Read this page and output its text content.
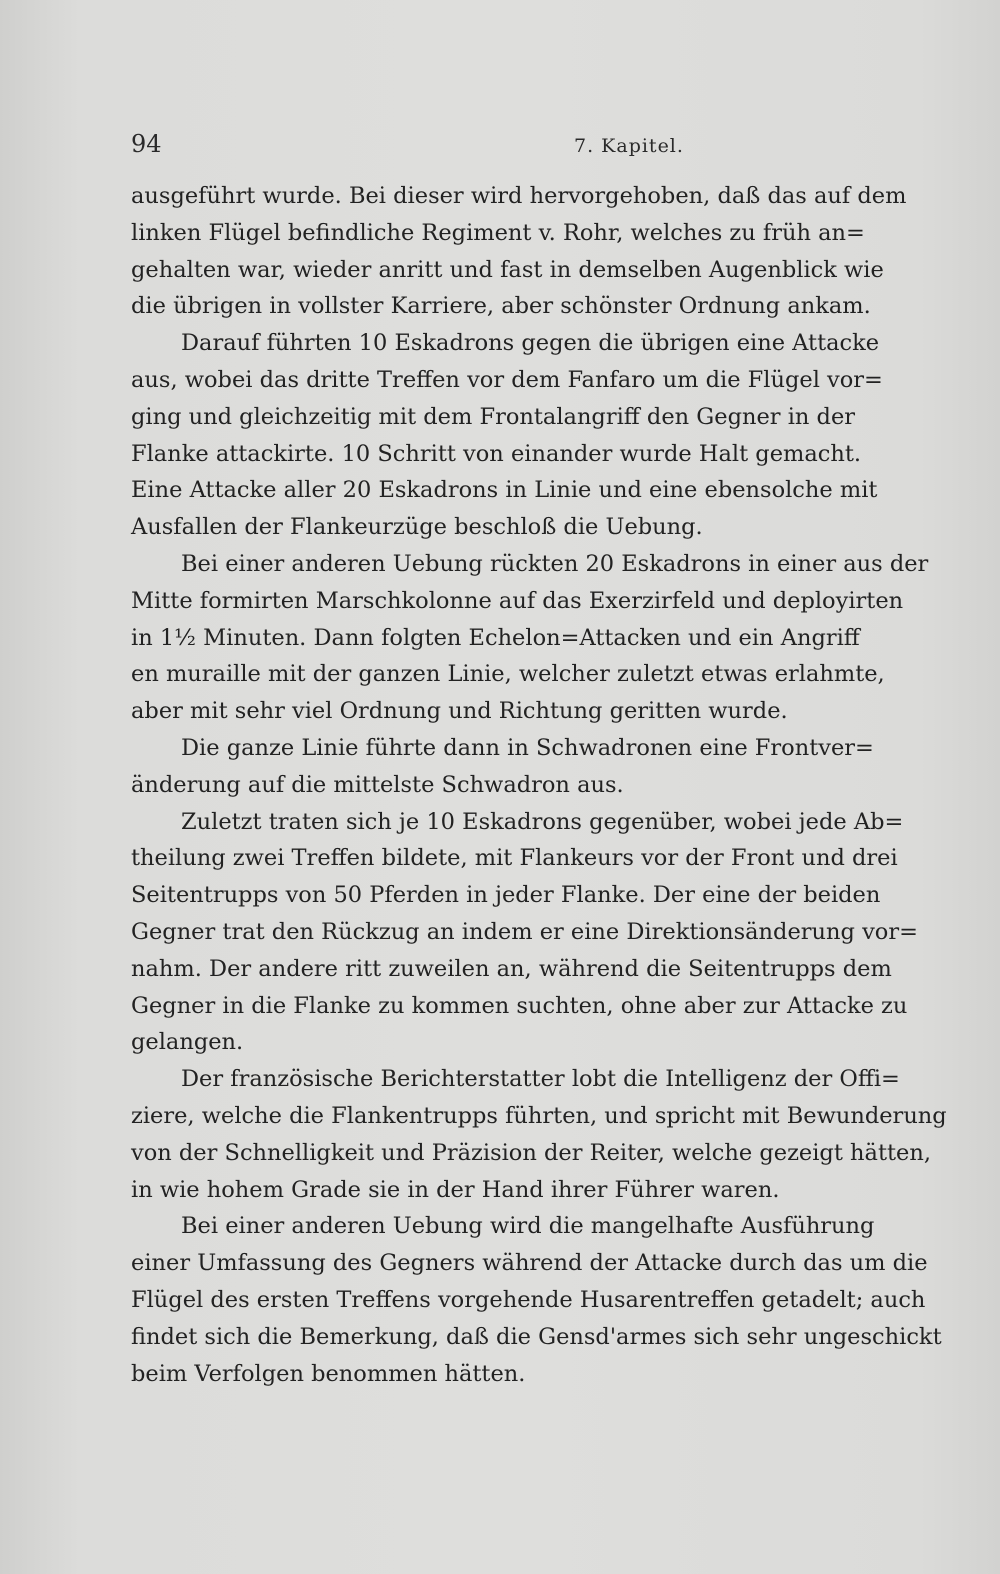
94	7. Kapitel.
ausgeführt wurde. Bei dieser wird hervorgehoben, daß das auf dem
linken Flügel befindliche Regiment v. Rohr, welches zu früh an=
gehalten war, wieder anritt und fast in demselben Augenblick wie
die übrigen in vollster Karriere, aber schönster Ordnung ankam.
Darauf führten 10 Eskadrons gegen die übrigen eine Attacke
aus, wobei das dritte Treffen vor dem Fanfaro um die Flügel vor=
ging und gleichzeitig mit dem Frontalangriff den Gegner in der
Flanke attackirte. 10 Schritt von einander wurde Halt gemacht.
Eine Attacke aller 20 Eskadrons in Linie und eine ebensolche mit
Ausfallen der Flankeurzüge beschloß die Uebung.
Bei einer anderen Uebung rückten 20 Eskadrons in einer aus der
Mitte formirten Marschkolonne auf das Exerzirfeld und deployirten
in 1½ Minuten. Dann folgten Echelon=Attacken und ein Angriff
en muraille mit der ganzen Linie, welcher zuletzt etwas erlahmte,
aber mit sehr viel Ordnung und Richtung geritten wurde.
Die ganze Linie führte dann in Schwadronen eine Frontver=
änderung auf die mittelste Schwadron aus.
Zuletzt traten sich je 10 Eskadrons gegenüber, wobei jede Ab=
theilung zwei Treffen bildete, mit Flankeurs vor der Front und drei
Seitentrupps von 50 Pferden in jeder Flanke. Der eine der beiden
Gegner trat den Rückzug an indem er eine Direktionsänderung vor=
nahm. Der andere ritt zuweilen an, während die Seitentrupps dem
Gegner in die Flanke zu kommen suchten, ohne aber zur Attacke zu
gelangen.
Der französische Berichterstatter lobt die Intelligenz der Offi=
ziere, welche die Flankentrupps führten, und spricht mit Bewunderung
von der Schnelligkeit und Präzision der Reiter, welche gezeigt hätten,
in wie hohem Grade sie in der Hand ihrer Führer waren.
Bei einer anderen Uebung wird die mangelhafte Ausführung
einer Umfassung des Gegners während der Attacke durch das um die
Flügel des ersten Treffens vorgehende Husarentreffen getadelt; auch
findet sich die Bemerkung, daß die Gensd'armes sich sehr ungeschickt
beim Verfolgen benommen hätten.
